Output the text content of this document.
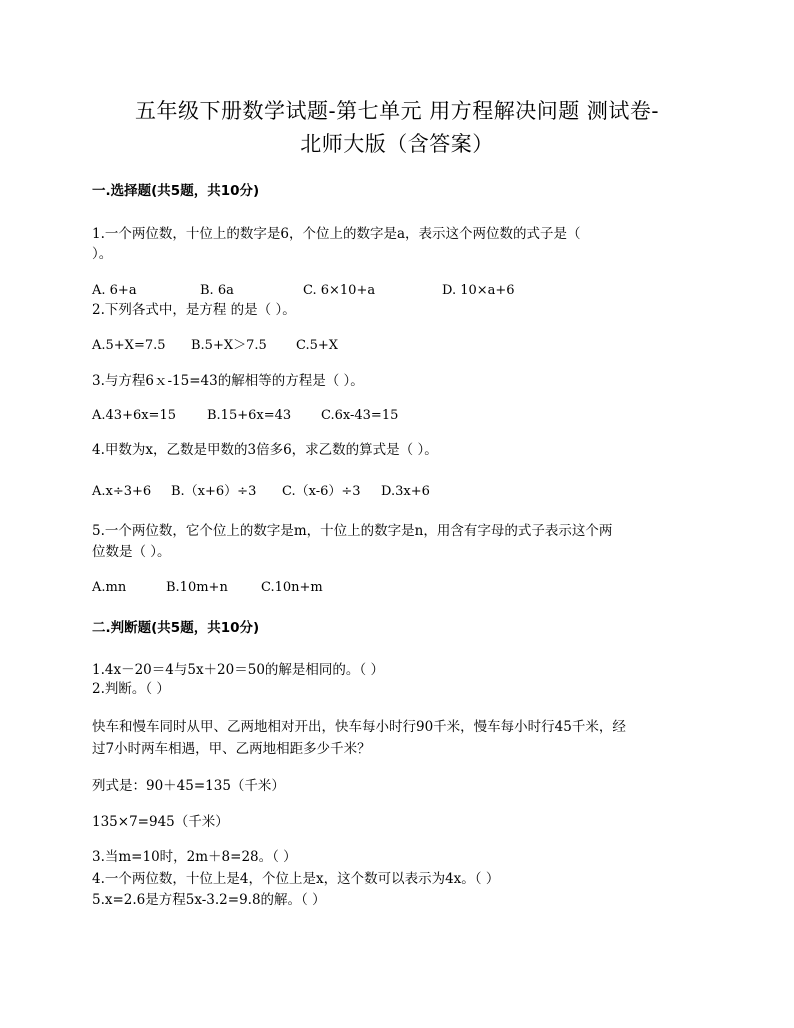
五年级下册数学试题-第七单元 用方程解决问题 测试卷-
北师大版（含答案）
一.选择题(共5题，共10分)
1.一个两位数，十位上的数字是6，个位上的数字是a，表示这个两位数的式子是（
）。
A. 6+a	B. 6a	C. 6×10+a	D. 10×a+6
2.下列各式中，是方程 的是（ ）。
A.5+X=7.5 B.5+X＞7.5 C.5+X
3.与方程6ｘ-15=43的解相等的方程是（ ）。
A.43+6x=15 B.15+6x=43 C.6x-43=15
4.甲数为x，乙数是甲数的3倍多6，求乙数的算式是（ ）。
A.x÷3+6 B.（x+6）÷3 C.（x-6）÷3 D.3x+6
5.一个两位数，它个位上的数字是m，十位上的数字是n，用含有字母的式子表示这个两
位数是（ ）。
A.mn	B.10m+n	C.10n+m
二.判断题(共5题，共10分)
1.4x－20＝4与5x＋20＝50的解是相同的。（ ）
2.判断。（ ）
快车和慢车同时从甲、乙两地相对开出，快车每小时行90千米，慢车每小时行45千米，经
过7小时两车相遇，甲、乙两地相距多少千米？
列式是：90＋45=135（千米）
135×7=945（千米）
3.当m=10时，2m＋8=28。（ ）
4.一个两位数，十位上是4，个位上是x，这个数可以表示为4x。（ ）
5.x=2.6是方程5x-3.2=9.8的解。（ ）
